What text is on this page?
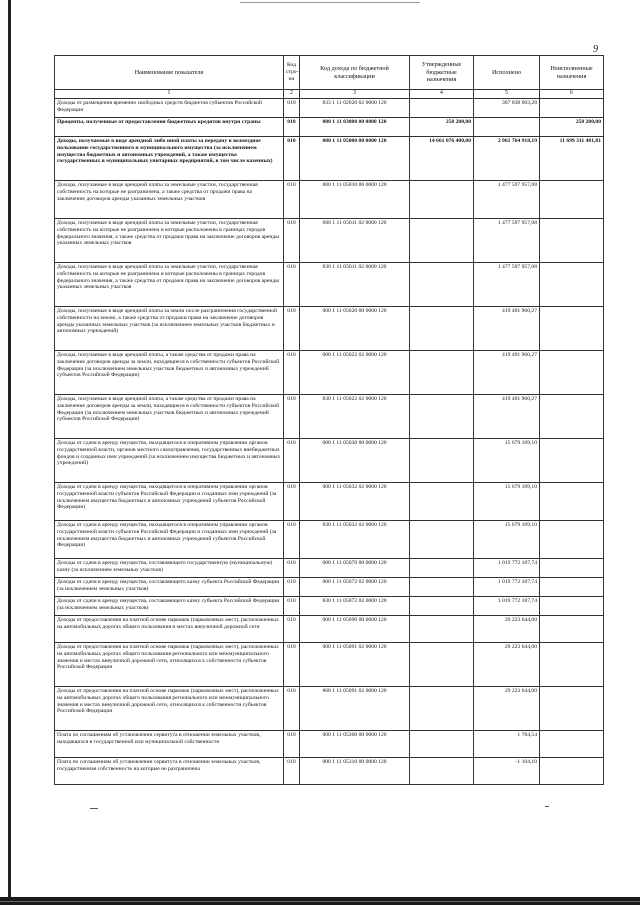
9
Наименование показателя	Код стро-ки	Код дохода по бюджетной классификации	Утвержденные бюджетные назначения	Исполнено	Неисполненные назначения
1	2	3	4	5	6
Доходы от размещения временно свободных средств бюджетов субъектов Российской Федерации	010	833 1 11 02020 02 0000 120		387 838 003,28	
Проценты, полученные от предоставления бюджетных кредитов внутри страны	010	000 1 11 03000 00 0000 120	258 200,00		258 200,00
Доходы, получаемые в виде арендной либо иной платы за передачу в возмездное пользование государственного и муниципального имущества (за исключением имущества бюджетных и автономных учреждений, а также имущества государственных и муниципальных унитарных предприятий, в том числе казенных)	010	000 1 11 05000 00 0000 120	14 661 076 400,00	2 961 764 918,19	11 699 311 481,81
Доходы, получаемые в виде арендной платы за земельные участки, государственная собственность на которые не разграничена, а также средства от продажи права на заключение договоров аренды указанных земельных участков	010	000 1 11 05010 00 0000 120		1 477 597 957,08	
Доходы, получаемые в виде арендной платы за земельные участки, государственная собственность на которые не разграничена и которые расположены в границах городов федерального значения, а также средства от продажи права на заключение договоров аренды указанных земельных участков	010	000 1 11 05011 02 0000 120		1 477 597 957,08	
Доходы, получаемые в виде арендной платы за земельные участки, государственная собственность на которые не разграничена и которые расположены в границах городов федерального значения, а также средства от продажи права на заключение договоров аренды указанных земельных участков	010	830 1 11 05011 02 0000 120		1 477 597 957,08	
Доходы, получаемые в виде арендной платы за земли после разграничения государственной собственности на землю, а также средства от продажи права на заключение договоров аренды указанных земельных участков (за исключением земельных участков бюджетных и автономных учреждений)	010	000 1 11 05020 00 0000 120		419 491 960,27	
Доходы, получаемые в виде арендной платы, а также средства от продажи права на заключение договоров аренды за земли, находящиеся в собственности субъектов Российской Федерации (за исключением земельных участков бюджетных и автономных учреждений субъектов Российской Федерации)	010	000 1 11 05022 02 0000 120		419 491 960,27	
Доходы, получаемые в виде арендной платы, а также средства от продажи права на заключение договоров аренды за земли, находящиеся в собственности субъектов Российской Федерации (за исключением земельных участков бюджетных и автономных учреждений субъектов Российской Федерации)	010	830 1 11 05022 02 0000 120		419 491 960,27	
Доходы от сдачи в аренду имущества, находящегося в оперативном управлении органов государственной власти, органов местного самоуправления, государственных внебюджетных фондов и созданных ими учреждений (за исключением имущества бюджетных и автономных учреждений)	010	000 1 11 05030 00 0000 120		15 679 169,10	
Доходы от сдачи в аренду имущества, находящегося в оперативном управлении органов государственной власти субъектов Российской Федерации и созданных ими учреждений (за исключением имущества бюджетных и автономных учреждений субъектов Российской Федерации)	010	000 1 11 05032 02 0000 120		15 679 169,10	
Доходы от сдачи в аренду имущества, находящегося в оперативном управлении органов государственной власти субъектов Российской Федерации и созданных ими учреждений (за исключением имущества бюджетных и автономных учреждений субъектов Российской Федерации)	010	830 1 11 05032 02 0000 120		15 679 169,10	
Доходы от сдачи в аренду имущества, составляющего государственную (муниципальную) казну (за исключением земельных участков)	010	000 1 11 05070 00 0000 120		1 019 772 187,74	
Доходы от сдачи в аренду имущества, составляющего казну субъекта Российской Федерации (за исключением земельных участков)	010	000 1 11 05072 02 0000 120		1 019 772 187,74	
Доходы от сдачи в аренду имущества, составляющего казну субъекта Российской Федерации (за исключением земельных участков)	010	830 1 11 05072 02 0000 120		1 019 772 187,74	
Доходы от предоставления на платной основе парковок (парковочных мест), расположенных на автомобильных дорогах общего пользования и местах внеуличной дорожной сети	010	000 1 11 05090 00 0000 120		29 223 644,00	
Доходы от предоставления на платной основе парковок (парковочных мест), расположенных на автомобильных дорогах общего пользования регионального или межмуниципального значения и местах внеуличной дорожной сети, относящихся к собственности субъектов Российской Федерации	010	000 1 11 05091 02 0000 120		29 223 644,00	
Доходы от предоставления на платной основе парковок (парковочных мест), расположенных на автомобильных дорогах общего пользования регионального или межмуниципального значения и местах внеуличной дорожной сети, относящихся к собственности субъектов Российской Федерации	010	868 1 11 05091 02 0000 120		29 223 644,00	
Плата по соглашениям об установлении сервитута в отношении земельных участков, находящихся в государственной или муниципальной собственности	010	000 1 11 05300 00 0000 120		1 784,54	
Плата по соглашениям об установлении сервитута в отношении земельных участков, государственная собственность на которые не разграничена	010	000 1 11 05310 00 0000 120		-1 104,10	
